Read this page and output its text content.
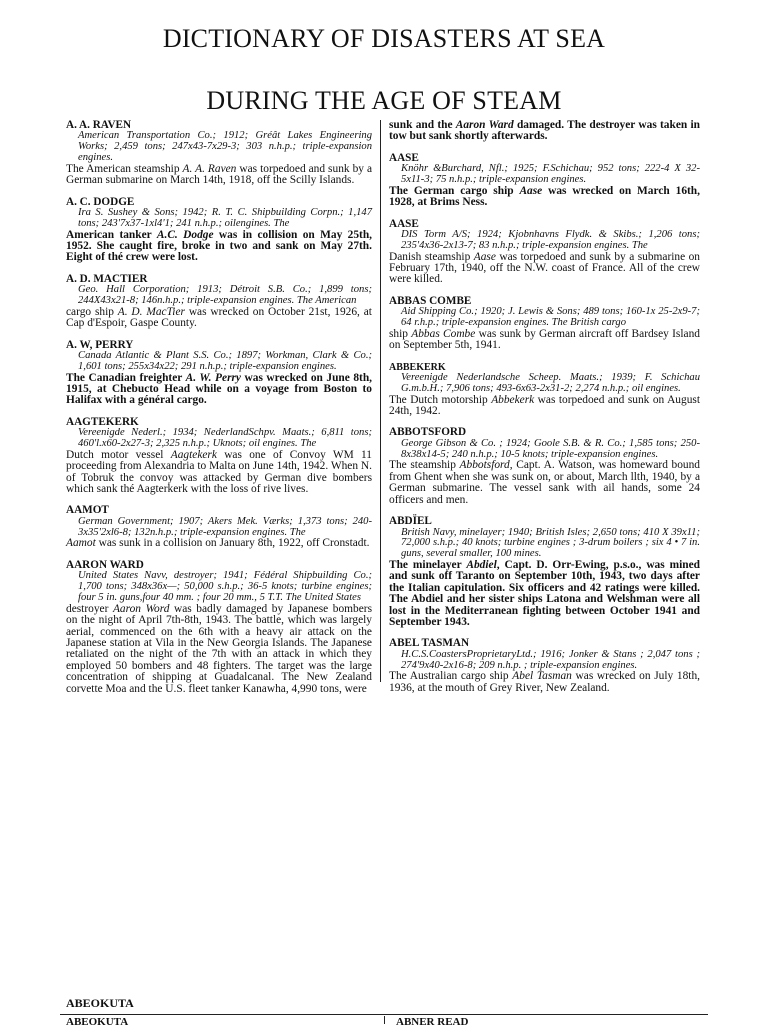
DICTIONARY OF DISASTERS AT SEA
DURING THE AGE OF STEAM
A. A. RAVEN
American Transportation Co.; 1912; Gréât Lakes Engineering Works; 2,459 tons; 247x43-7x29-3; 303 n.h.p.; triple-expansion engines.
The American steamship A. A. Raven was torpedoed and sunk by a German submarine on March 14th, 1918, off the Scilly Islands.
A. C. DODGE
Ira S. Sushey & Sons; 1942; R. T. C. Shipbuilding Corpn.; 1,147 tons; 243'7x37-1xl4'1; 241 n.h.p.; oilengines. The
American tanker A.C. Dodge was in collision on May 25th, 1952. She caught fire, broke in two and sank on May 27th. Eight of thé crew were lost.
A. D. MACTIER
Geo. Hall Corporation; 1913; Détroit S.B. Co.; 1,899 tons; 244X43x21-8; 146n.h.p.; triple-expansion engines. The American
cargo ship A. D. MacTier was wrecked on October 21st, 1926, at Cap d'Espoir, Gaspe County.
A. W, PERRY
Canada Atlantic & Plant S.S. Co.; 1897; Workman, Clark & Co.; 1,601 tons; 255x34x22; 291 n.h.p.; triple-expansion engines.
The Canadian freighter A. W. Perry was wrecked on June 8th, 1915, at Chebucto Head while on a voyage from Boston to Halifax with a général cargo.
AAGTEKERK
Vereenigde Nederl.; 1934; NederlandSchpv. Maats.; 6,811 tons; 460'l.x60-2x27-3; 2,325 n.h.p.; Uknots; oil engines. The
Dutch motor vessel Aagtekerk was one of Convoy WM 11 proceeding from Alexandria to Malta on June 14th, 1942. When N. of Tobruk the convoy was attacked by German dive bombers which sank thé Aagterkerk with the loss of rive lives.
AAMOT
German Government; 1907; Akers Mek. Værks; 1,373 tons; 240-3x35'2xl6-8; 132n.h.p.; triple-expansion engines. The
Aamot was sunk in a collision on January 8th, 1922, off Cronstadt.
AARON WARD
United States Navv, destroyer; 1941; Fédéral Shipbuilding Co.; 1,700 tons; 348x36x—; 50,000 s.h.p.; 36-5 knots; turbine engines; four 5 in. guns,four 40 mm. ; four 20 mm., 5 T.T. The United States
destroyer Aaron Word was badly damaged by Japanese bombers on the night of April 7th-8th, 1943. The battle, which was largely aerial, commenced on the 6th with a heavy air attack on the Japanese station at Vila in the New Georgia Islands. The Japanese retaliated on the night of the 7th with an attack in which they employed 50 bombers and 48 fighters. The target was the large concentration of shipping at Guadalcanal. The New Zealand corvette Moa and the U.S. fleet tanker Kanawha, 4,990 tons, were
sunk and the Aaron Ward damaged. The destroyer was taken in tow but sank shortly afterwards.
AASE
Knöhr &Burchard, Nfl.; 1925; F.Schichau; 952 tons; 222-4 X 32-5x11-3; 75 n.h.p.; triple-expansion engines.
The German cargo ship Aase was wrecked on March 16th, 1928, at Brims Ness.
AASE
DIS Torm A/S; 1924; Kjobnhavns Flydk. & Skibs.; 1,206 tons; 235'4x36-2x13-7; 83 n.h.p.; triple-expansion engines. The
Danish steamship Aase was torpedoed and sunk by a submarine on February 17th, 1940, off the N.W. coast of France. All of the crew were killed.
ABBAS COMBE
Aid Shipping Co.; 1920; J. Lewis & Sons; 489 tons; 160-1x 25-2x9-7; 64 r.h.p.; triple-expansion engines. The British cargo
ship Abbas Combe was sunk by German aircraft off Bardsey Island on September 5th, 1941.
ABBEKERK
Vereenigde Nederlandsche Scheep. Maats.; 1939; F. Schichau G.m.b.H.; 7,906 tons; 493-6x63-2x31-2; 2,274 n.h.p.; oil engines.
The Dutch motorship Abbekerk was torpedoed and sunk on August 24th, 1942.
ABBOTSFORD
George Gibson & Co. ; 1924; Goole S.B. & R. Co.; 1,585 tons; 250-8x38x14-5; 240 n.h.p.; 10-5 knots; triple-expansion engines.
The steamship Abbotsford, Capt. A. Watson, was homeward bound from Ghent when she was sunk on, or about, March llth, 1940, by a German submarine. The vessel sank with ail hands, some 24 officers and men.
ABDÏEL
British Navy, minelayer; 1940; British Isles; 2,650 tons; 410 X 39x11; 72,000 s.h.p.; 40 knots; turbine engines ; 3-drum boilers ; six 4 • 7 in. guns, several smaller, 100 mines.
The minelayer Abdiel, Capt. D. Orr-Ewing, p.s.o., was mined and sunk off Taranto on September 10th, 1943, two days after the Italian capitulation. Six officers and 42 ratings were killed. The Abdiel and her sister ships Latona and Welshman were all lost in the Mediterranean fighting between October 1941 and September 1943.
ABEL TASMAN
H.C.S.CoastersProprietaryLtd.; 1916; Jonker & Stans ; 2,047 tons ; 274'9x40-2x16-8; 209 n.h.p. ; triple-expansion engines.
The Australian cargo ship Abel Tasman was wrecked on July 18th, 1936, at the mouth of Grey River, New Zealand.
ABEOKUTA
ABEOKUTA	ABNER READ
